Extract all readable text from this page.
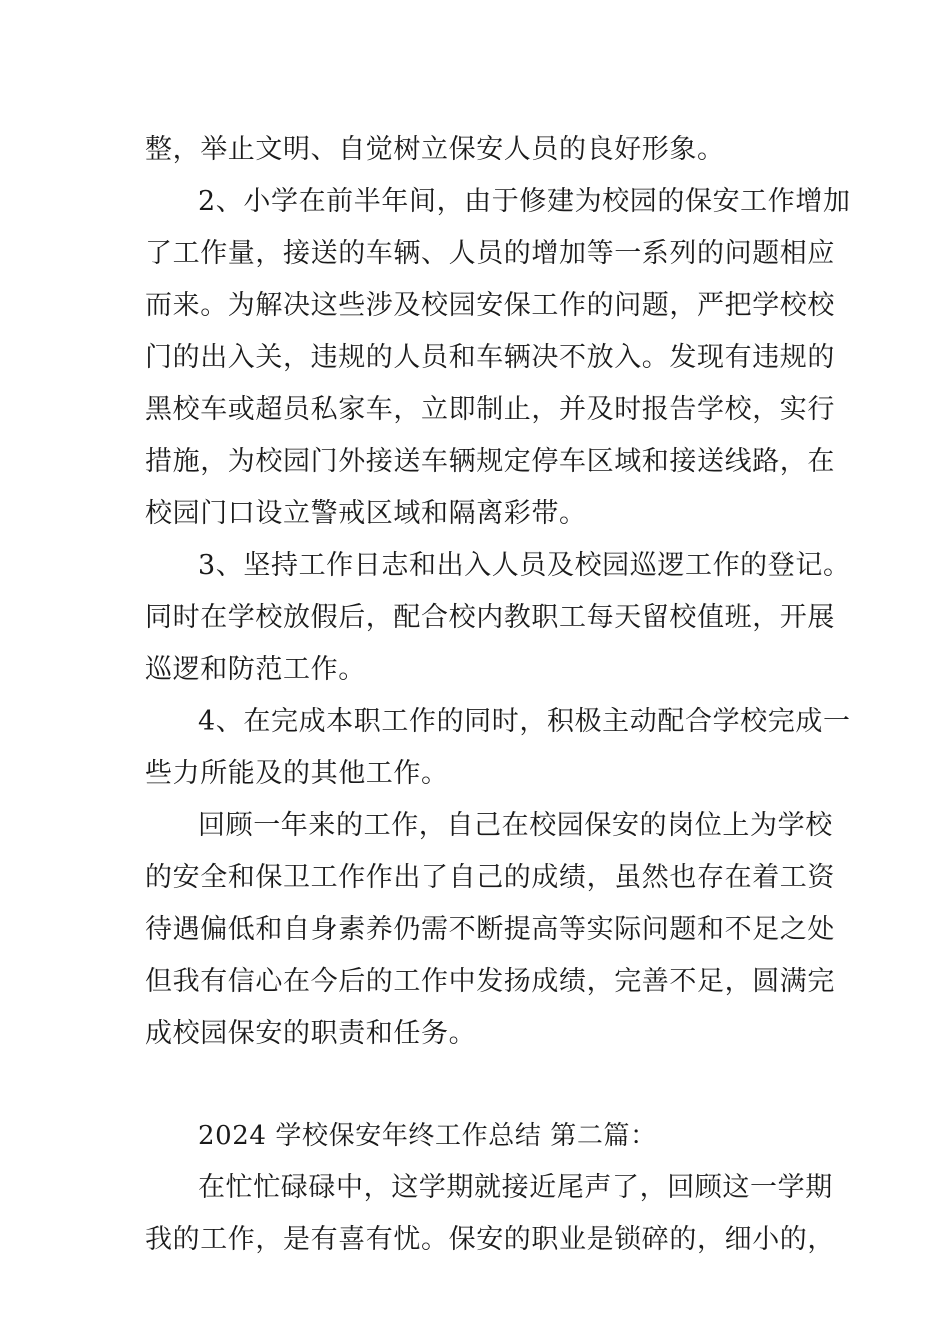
整，举止文明、自觉树立保安人员的良好形象。

2、小学在前半年间，由于修建为校园的保安工作增加

了工作量，接送的车辆、人员的增加等一系列的问题相应

而来。为解决这些涉及校园安保工作的问题，严把学校校

门的出入关，违规的人员和车辆决不放入。发现有违规的

黑校车或超员私家车，立即制止，并及时报告学校，实行

措施，为校园门外接送车辆规定停车区域和接送线路，在

校园门口设立警戒区域和隔离彩带。

3、坚持工作日志和出入人员及校园巡逻工作的登记。

同时在学校放假后，配合校内教职工每天留校值班，开展

巡逻和防范工作。

4、在完成本职工作的同时，积极主动配合学校完成一

些力所能及的其他工作。

回顾一年来的工作，自己在校园保安的岗位上为学校

的安全和保卫工作作出了自己的成绩，虽然也存在着工资

待遇偏低和自身素养仍需不断提高等实际问题和不足之处

但我有信心在今后的工作中发扬成绩，完善不足，圆满完

成校园保安的职责和任务。

2024 学校保安年终工作总结 第二篇：

在忙忙碌碌中，这学期就接近尾声了，回顾这一学期

我的工作，是有喜有忧。保安的职业是锁碎的，细小的，
